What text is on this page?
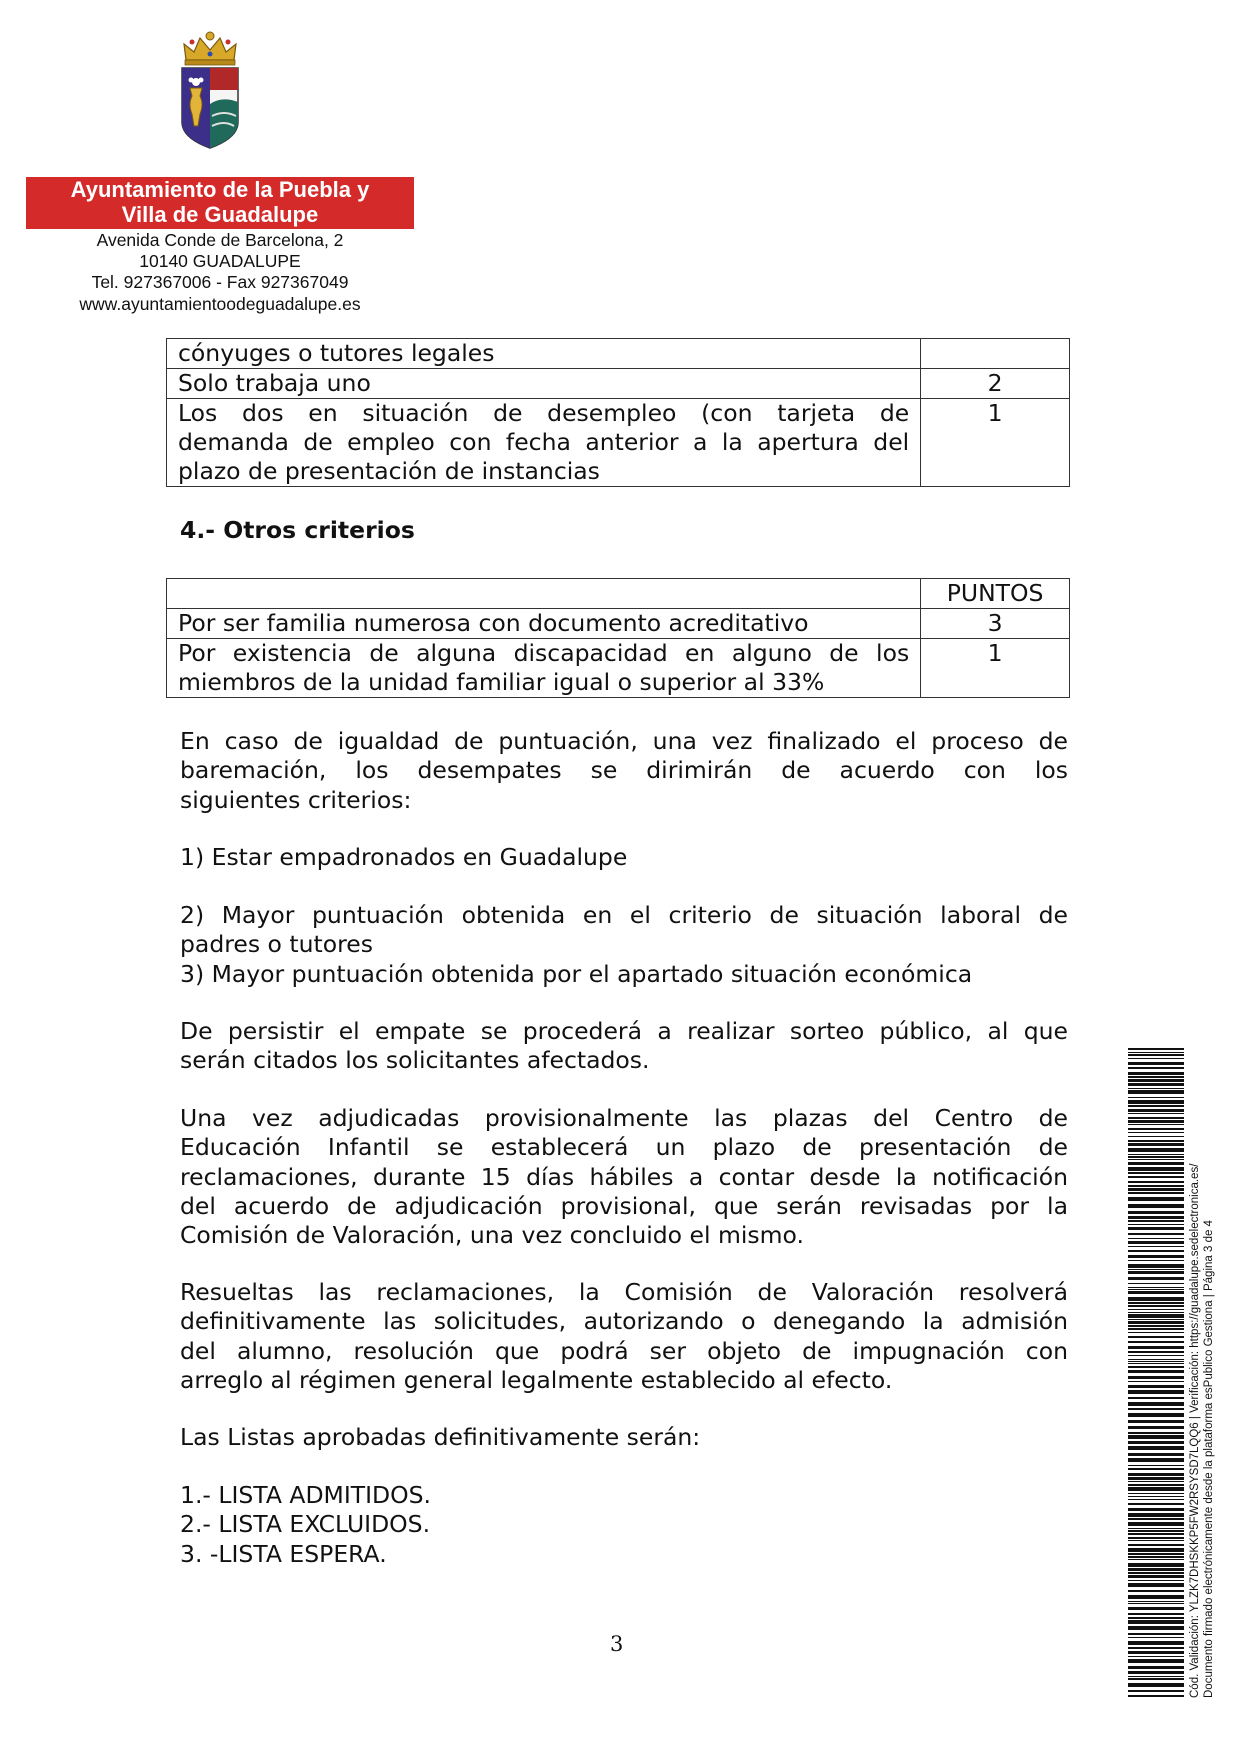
Ayuntamiento de la Puebla y
Villa de Guadalupe
Avenida Conde de Barcelona, 2
10140 GUADALUPE
Tel. 927367006 - Fax 927367049
www.ayuntamientoodeguadalupe.es
cónyuges o tutores legales	
Solo trabaja uno	2

Los dos en situación de desempleo (con tarjeta de
demanda de empleo con fecha anterior a la apertura del
plazo de presentación de instancias	1
4.- Otros criterios
	PUNTOS
Por ser familia numerosa con documento acreditativo	3

Por existencia de alguna discapacidad en alguno de los
miembros de la unidad familiar igual o superior al 33%	1
En caso de igualdad de puntuación, una vez finalizado el proceso de
baremación, los desempates se dirimirán de acuerdo con los
siguientes criterios:
1) Estar empadronados en Guadalupe
2) Mayor puntuación obtenida en el criterio de situación laboral de
padres o tutores
3) Mayor puntuación obtenida por el apartado situación económica
De persistir el empate se procederá a realizar sorteo público, al que
serán citados los solicitantes afectados.
Una vez adjudicadas provisionalmente las plazas del Centro de
Educación Infantil se establecerá un plazo de presentación de
reclamaciones, durante 15 días hábiles a contar desde la notificación
del acuerdo de adjudicación provisional, que serán revisadas por la
Comisión de Valoración, una vez concluido el mismo.
Resueltas las reclamaciones, la Comisión de Valoración resolverá
definitivamente las solicitudes, autorizando o denegando la admisión
del alumno, resolución que podrá ser objeto de impugnación con
arreglo al régimen general legalmente establecido al efecto.
Las Listas aprobadas definitivamente serán:
1.- LISTA ADMITIDOS.
2.- LISTA EXCLUIDOS.
3. -LISTA ESPERA.
3	Cód. Validación: YLZK7DHSKKP5FW2RSYSD7LQQ6 | Verificación: https://guadalupe.sedelectronica.es/ Documento firmado electrónicamente desde la plataforma esPublico Gestiona | Página 3 de 4
